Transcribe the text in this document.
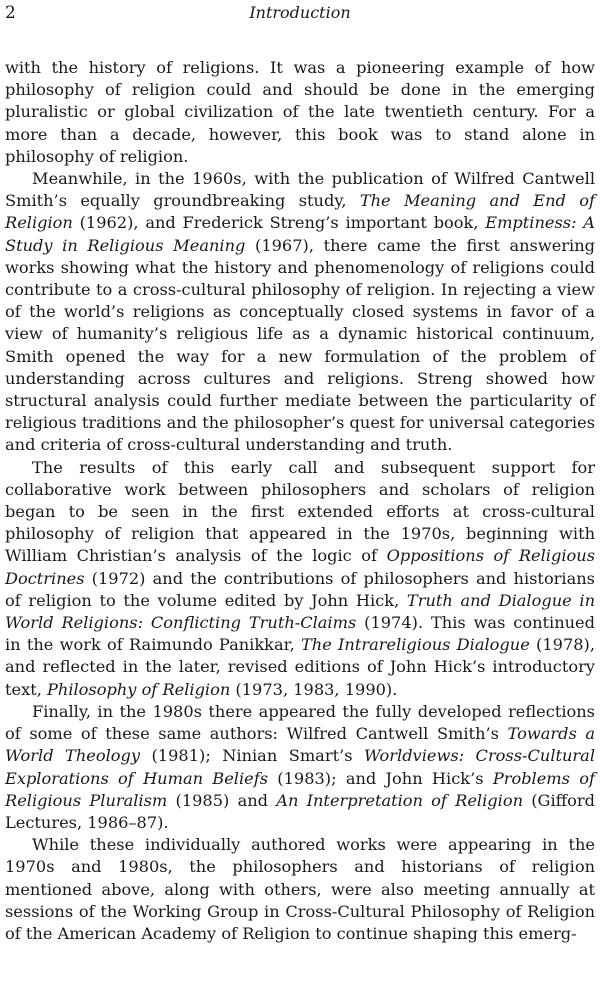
2	Introduction

with the history of religions. It was a pioneering example of how philosophy of religion could and should be done in the emerging pluralistic or global civilization of the late twentieth century. For a more than a decade, however, this book was to stand alone in philosophy of religion.

Meanwhile, in the 1960s, with the publication of Wilfred Cantwell Smith’s equally groundbreaking study, The Meaning and End of Religion (1962), and Frederick Streng’s important book, Emptiness: A Study in Religious Meaning (1967), there came the first answering works showing what the history and phenomenology of religions could contribute to a cross-cultural philosophy of religion. In rejecting a view of the world’s religions as conceptually closed systems in favor of a view of humanity’s religious life as a dynamic historical continuum, Smith opened the way for a new formulation of the problem of understanding across cultures and religions. Streng showed how structural analysis could further mediate between the particularity of religious traditions and the philosopher’s quest for universal categories and criteria of cross-cultural understanding and truth.

The results of this early call and subsequent support for collaborative work between philosophers and scholars of religion began to be seen in the first extended efforts at cross-cultural philosophy of religion that appeared in the 1970s, beginning with William Christian’s analysis of the logic of Oppositions of Religious Doctrines (1972) and the contributions of philosophers and historians of religion to the volume edited by John Hick, Truth and Dialogue in World Religions: Conflicting Truth-Claims (1974). This was continued in the work of Raimundo Panikkar, The Intrareligious Dialogue (1978), and reflected in the later, revised editions of John Hick’s introductory text, Philosophy of Religion (1973, 1983, 1990).

Finally, in the 1980s there appeared the fully developed reflections of some of these same authors: Wilfred Cantwell Smith’s Towards a World Theology (1981); Ninian Smart’s Worldviews: Cross-Cultural Explorations of Human Beliefs (1983); and John Hick’s Problems of Religious Pluralism (1985) and An Interpretation of Religion (Gifford Lectures, 1986–87).

While these individually authored works were appearing in the 1970s and 1980s, the philosophers and historians of religion mentioned above, along with others, were also meeting annually at sessions of the Working Group in Cross-Cultural Philosophy of Religion of the American Academy of Religion to continue shaping this emerg-
